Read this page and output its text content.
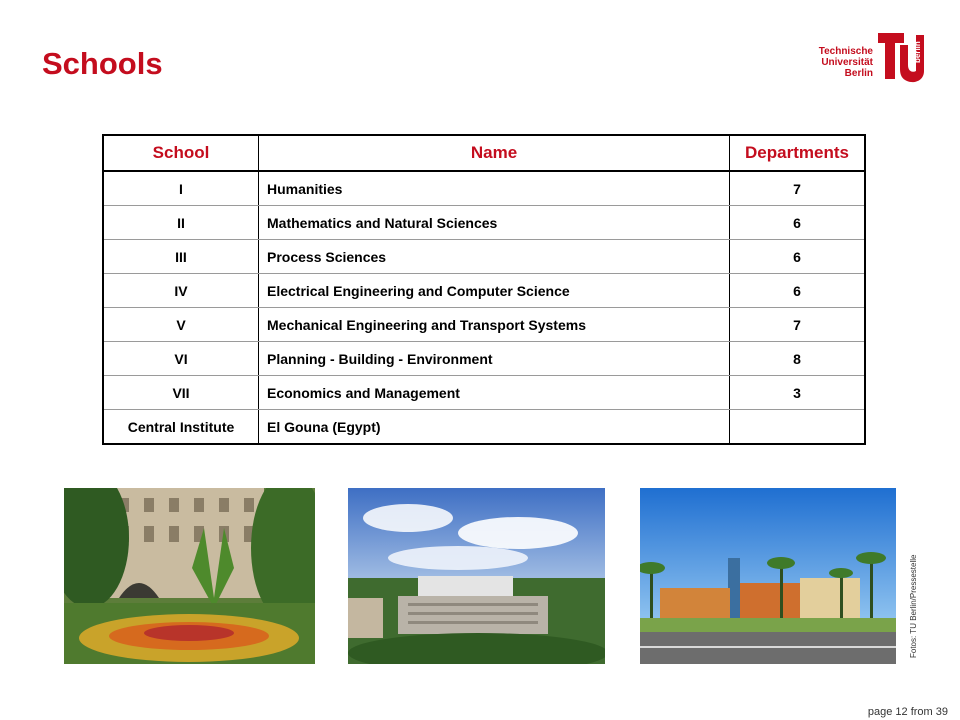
Schools	Technische
Universität
Berlin
berlin
School	Name	Departments
I	Humanities	7
II	Mathematics and Natural Sciences	6
III	Process Sciences	6
IV	Electrical Engineering and Computer Science	6
V	Mechanical Engineering and Transport Systems	7
VI	Planning - Building - Environment	8
VII	Economics and Management	3
Central Institute	El Gouna (Egypt)	
Fotos: TU Berlin/Pressestelle
page 12 from 39
